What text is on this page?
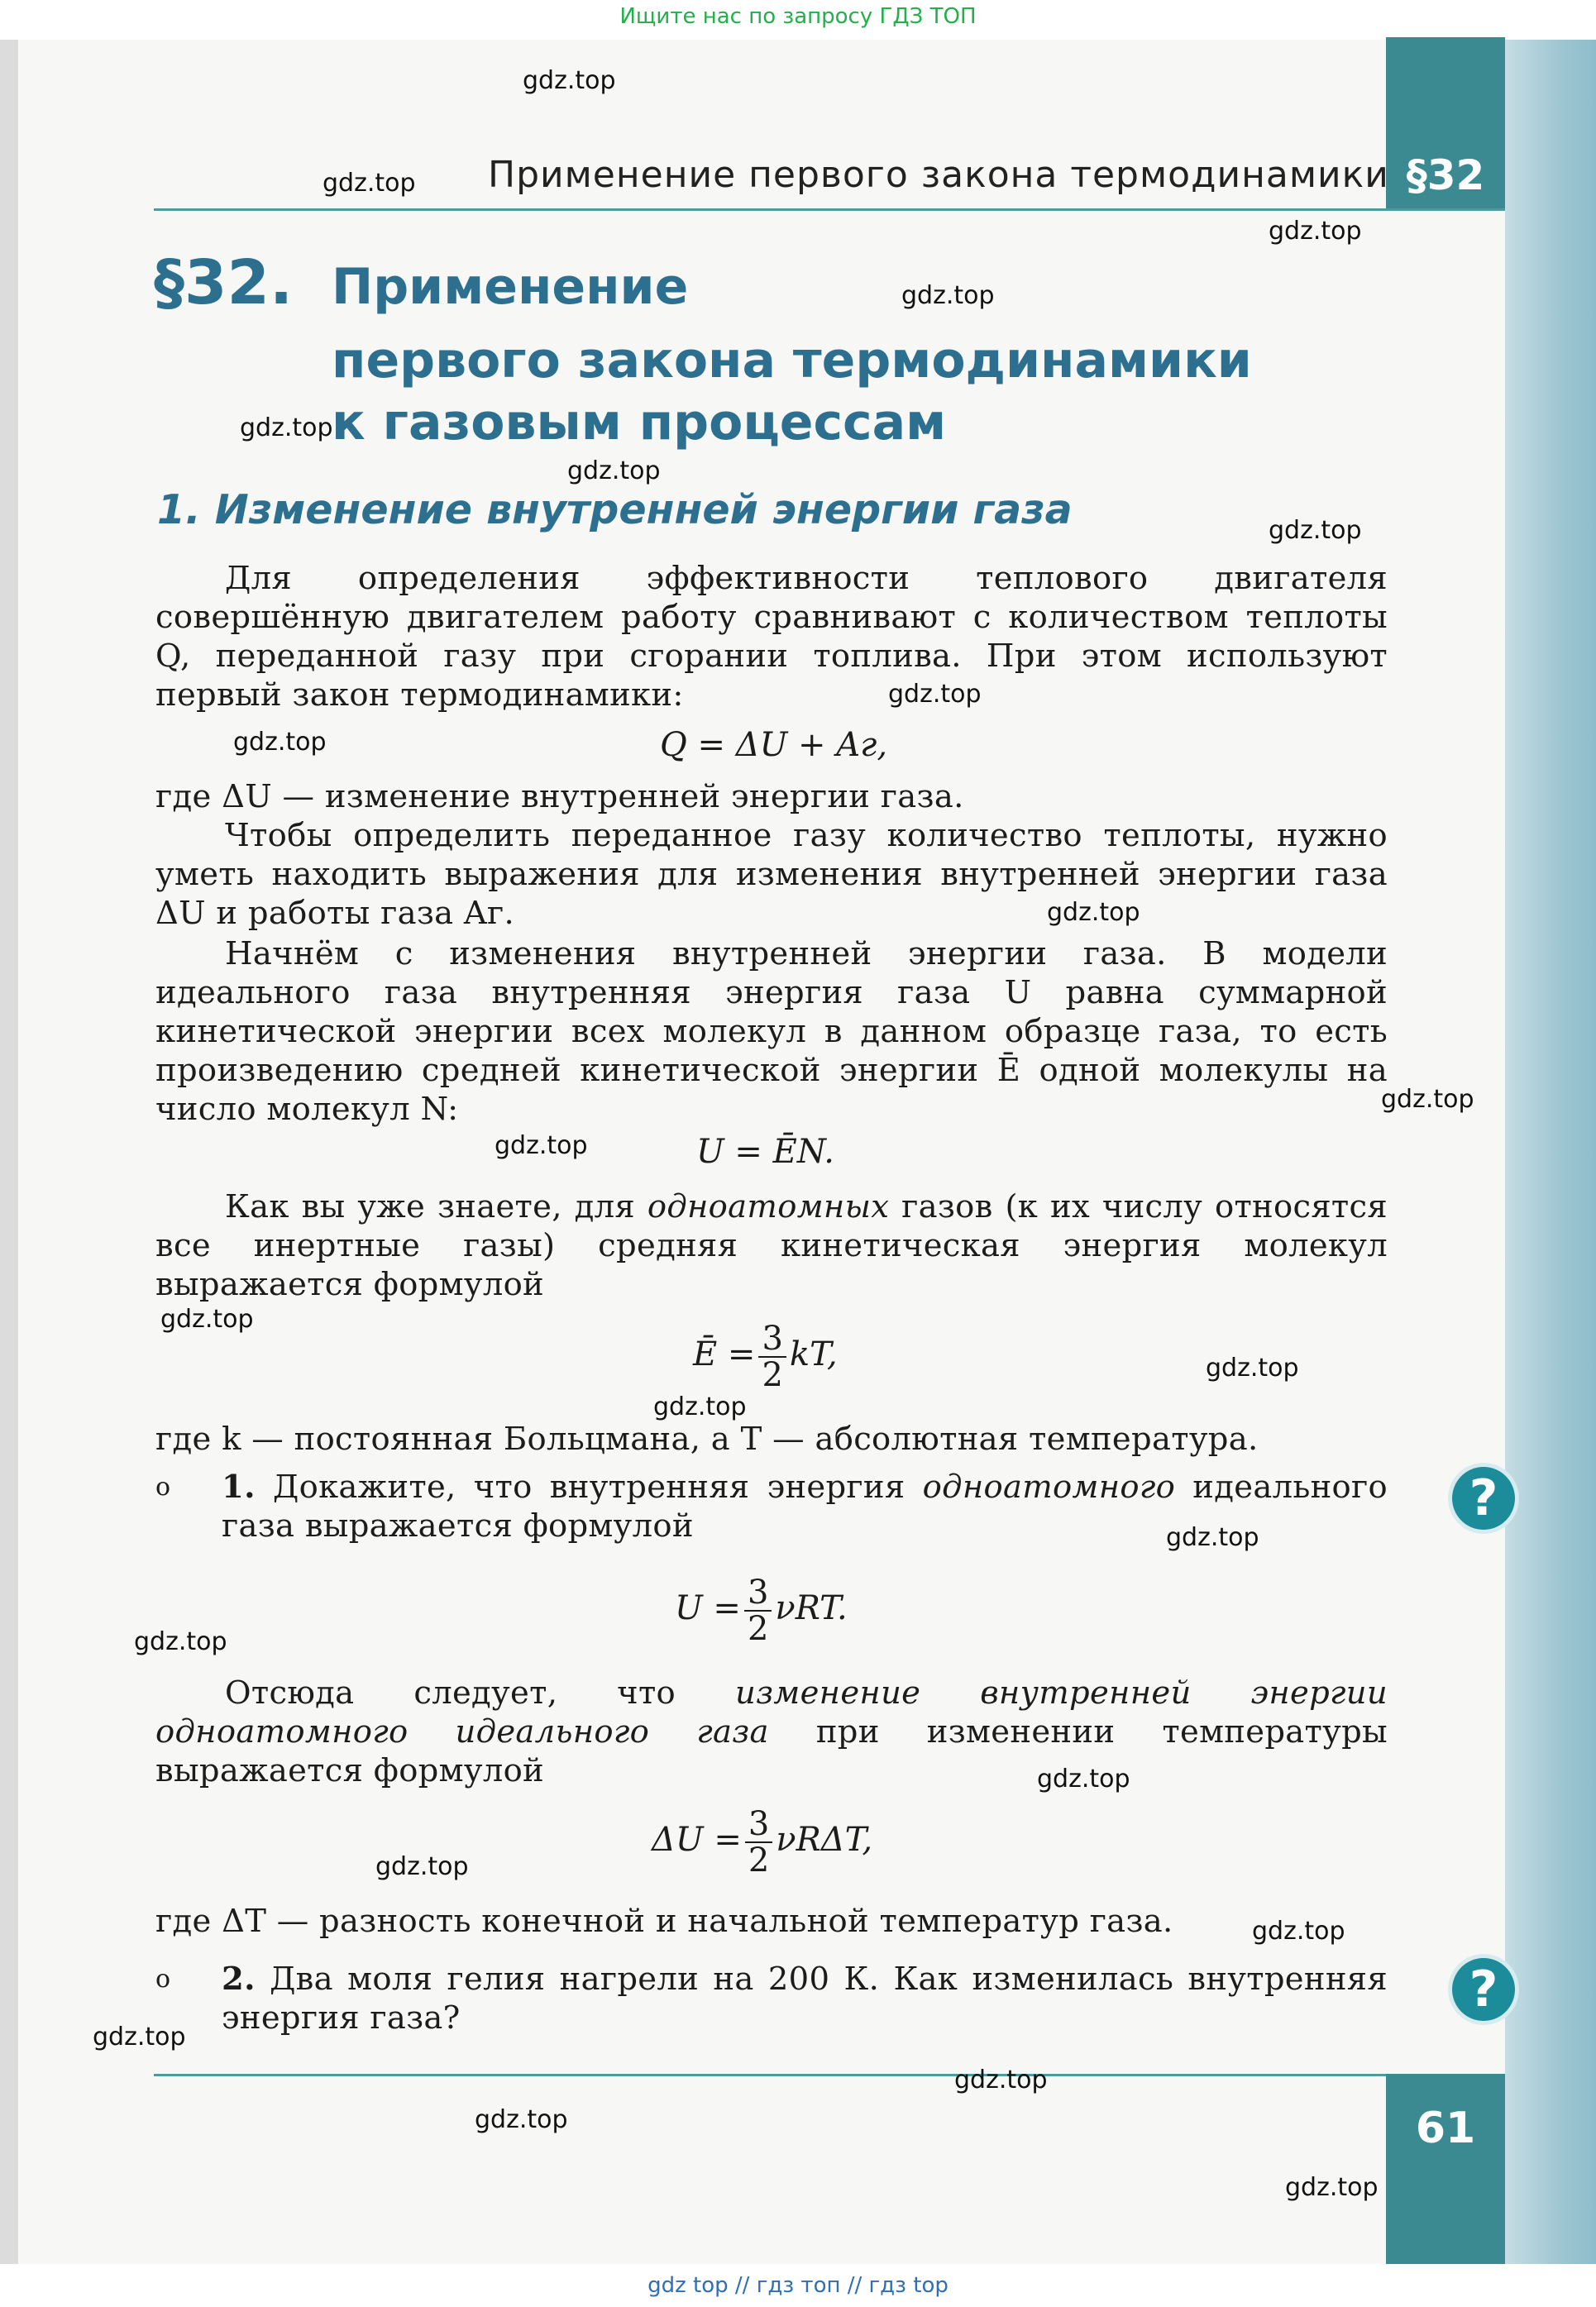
Ищите нас по запросу ГДЗ ТОП
§32
Применение первого закона термодинамики
§32. Применение
первого закона термодинамики
к газовым процессам
1. Изменение внутренней энергии газа
Для определения эффективности теплового двигателя совершённую двигателем работу сравнивают с количеством теплоты Q, переданной газу при сгорании топлива. При этом используют первый закон термодинамики:
Q = ΔU + Aг,
где ΔU — изменение внутренней энергии газа.
Чтобы определить переданное газу количество теплоты, нужно уметь находить выражения для изменения внутренней энергии газа ΔU и работы газа Aг.
Начнём с изменения внутренней энергии газа. В модели идеального газа внутренняя энергия газа U равна суммарной кинетической энергии всех молекул в данном образце газа, то есть произведению средней кинетической энергии Ē одной молекулы на число молекул N:
U = ĒN.
Как вы уже знаете, для одноатомных газов (к их числу относятся все инертные газы) средняя кинетическая энергия молекул выражается формулой
Ē = $\frac{3}{2}$ kT,
где k — постоянная Больцмана, а T — абсолютная температура.
o	1. Докажите, что внутренняя энергия одноатомного идеального газа выражается формулой
$U = \frac{3}{2} \nu RT$.
Отсюда следует, что изменение внутренней энергии одноатомного идеального газа при изменении температуры выражается формулой
$\Delta U = \frac{3}{2} \nu R\Delta T$,
где ΔT — разность конечной и начальной температур газа.
o	2. Два моля гелия нагрели на 200 К. Как изменилась внутренняя энергия газа?
?
?
61
gdz.top
gdz.top
gdz.top
gdz.top
gdz.top
gdz.top
gdz.top
gdz.top
gdz.top
gdz.top
gdz.top
gdz.top
gdz.top
gdz.top
gdz.top
gdz.top
gdz.top
gdz.top
gdz.top
gdz.top
gdz.top
gdz.top
gdz.top
gdz.top
gdz top // гдз топ // гдз top
